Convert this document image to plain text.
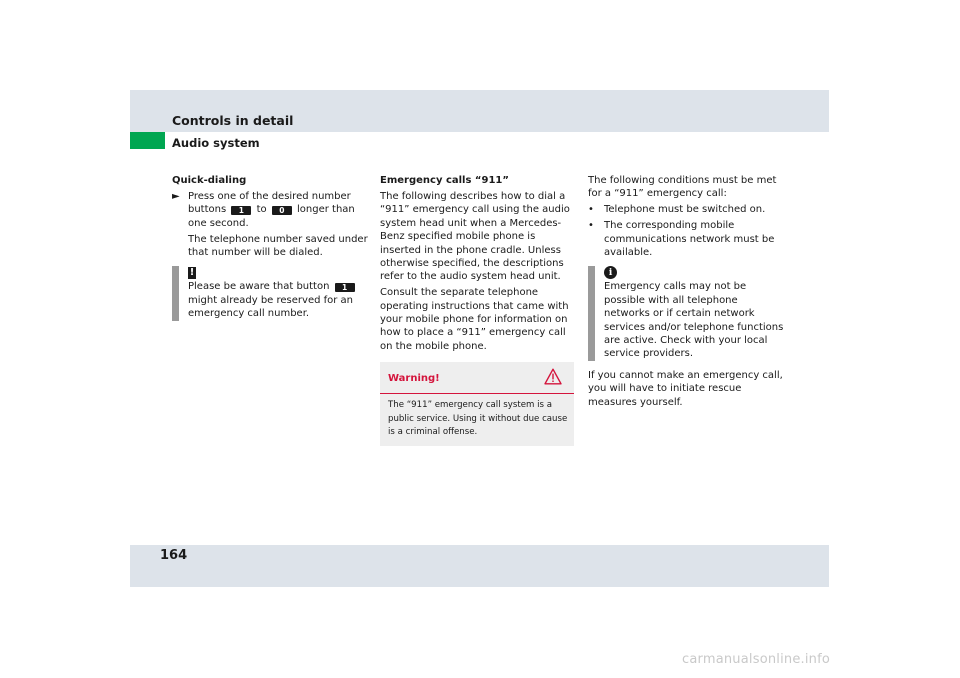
Controls in detail
Audio system

Quick-dialing

► Press one of the desired number buttons 1 to 0 longer than one second.

The telephone number saved under that number will be dialed.

!

Please be aware that button 1 might already be reserved for an emergency call number.

Emergency calls “911”

The following describes how to dial a “911” emergency call using the audio system head unit when a Mercedes-Benz specified mobile phone is inserted in the phone cradle. Unless otherwise specified, the descriptions refer to the audio system head unit.

Consult the separate telephone operating instructions that came with your mobile phone for information on how to place a “911” emergency call on the mobile phone.

Warning!
The “911” emergency call system is a public service. Using it without due cause is a criminal offense.

The following conditions must be met for a “911” emergency call:

•	Telephone must be switched on.

•	The corresponding mobile communications network must be available.

i

Emergency calls may not be possible with all telephone networks or if certain network services and/or telephone functions are active. Check with your local service providers.

If you cannot make an emergency call, you will have to initiate rescue measures yourself.

164
carmanualsonline.info
